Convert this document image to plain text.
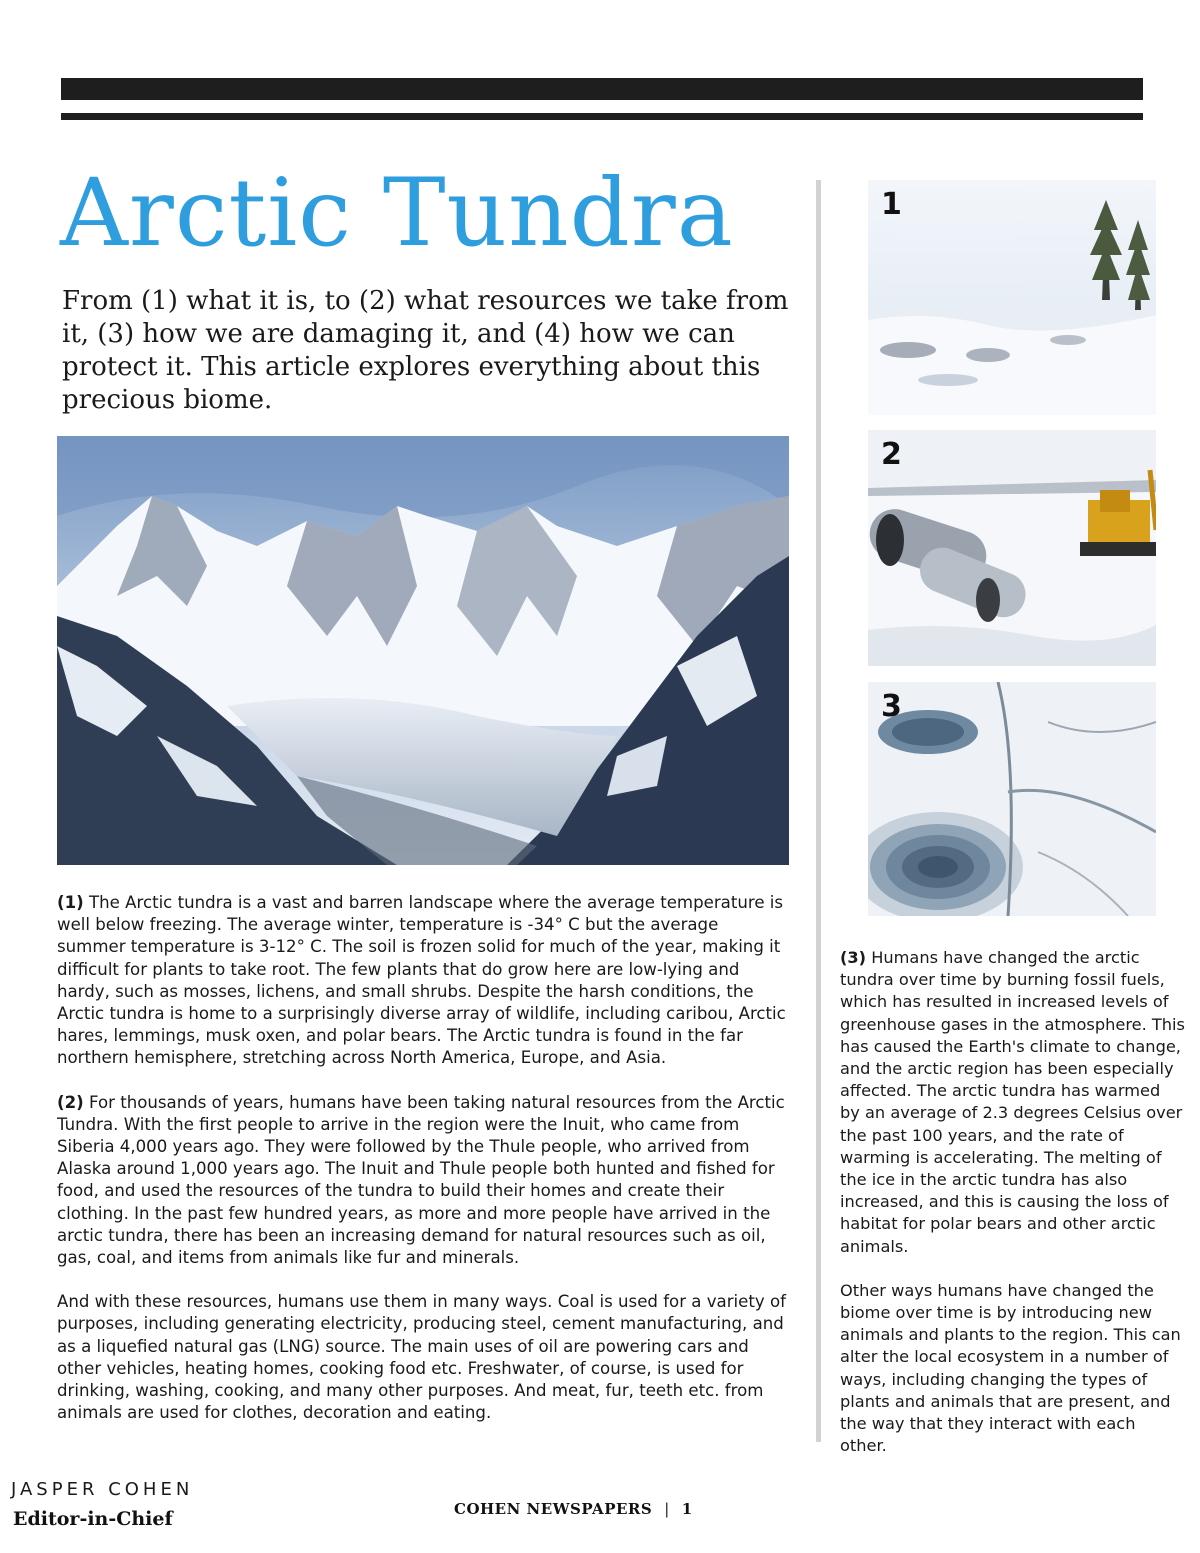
Arctic Tundra

From (1) what it is, to (2) what resources we take from it, (3) how we are damaging it, and (4) how we can protect it. This article explores everything about this precious biome.

1
2
3

(1) The Arctic tundra is a vast and barren landscape where the average temperature is well below freezing. The average winter, temperature is -34° C but the average summer temperature is 3-12° C. The soil is frozen solid for much of the year, making it difficult for plants to take root. The few plants that do grow here are low-lying and hardy, such as mosses, lichens, and small shrubs. Despite the harsh conditions, the Arctic tundra is home to a surprisingly diverse array of wildlife, including caribou, Arctic hares, lemmings, musk oxen, and polar bears. The Arctic tundra is found in the far northern hemisphere, stretching across North America, Europe, and Asia.

(2) For thousands of years, humans have been taking natural resources from the Arctic Tundra. With the first people to arrive in the region were the Inuit, who came from Siberia 4,000 years ago. They were followed by the Thule people, who arrived from Alaska around 1,000 years ago. The Inuit and Thule people both hunted and fished for food, and used the resources of the tundra to build their homes and create their clothing. In the past few hundred years, as more and more people have arrived in the arctic tundra, there has been an increasing demand for natural resources such as oil, gas, coal, and items from animals like fur and minerals.

And with these resources, humans use them in many ways. Coal is used for a variety of purposes, including generating electricity, producing steel, cement manufacturing, and as a liquefied natural gas (LNG) source. The main uses of oil are powering cars and other vehicles, heating homes, cooking food etc. Freshwater, of course, is used for drinking, washing, cooking, and many other purposes. And meat, fur, teeth etc. from animals are used for clothes, decoration and eating.

(3) Humans have changed the arctic tundra over time by burning fossil fuels, which has resulted in increased levels of greenhouse gases in the atmosphere. This has caused the Earth's climate to change, and the arctic region has been especially affected. The arctic tundra has warmed by an average of 2.3 degrees Celsius over the past 100 years, and the rate of warming is accelerating. The melting of the ice in the arctic tundra has also increased, and this is causing the loss of habitat for polar bears and other arctic animals.

Other ways humans have changed the biome over time is by introducing new animals and plants to the region. This can alter the local ecosystem in a number of ways, including changing the types of plants and animals that are present, and the way that they interact with each other.

JASPER COHEN
Editor-in-Chief	COHEN NEWSPAPERS | 1
